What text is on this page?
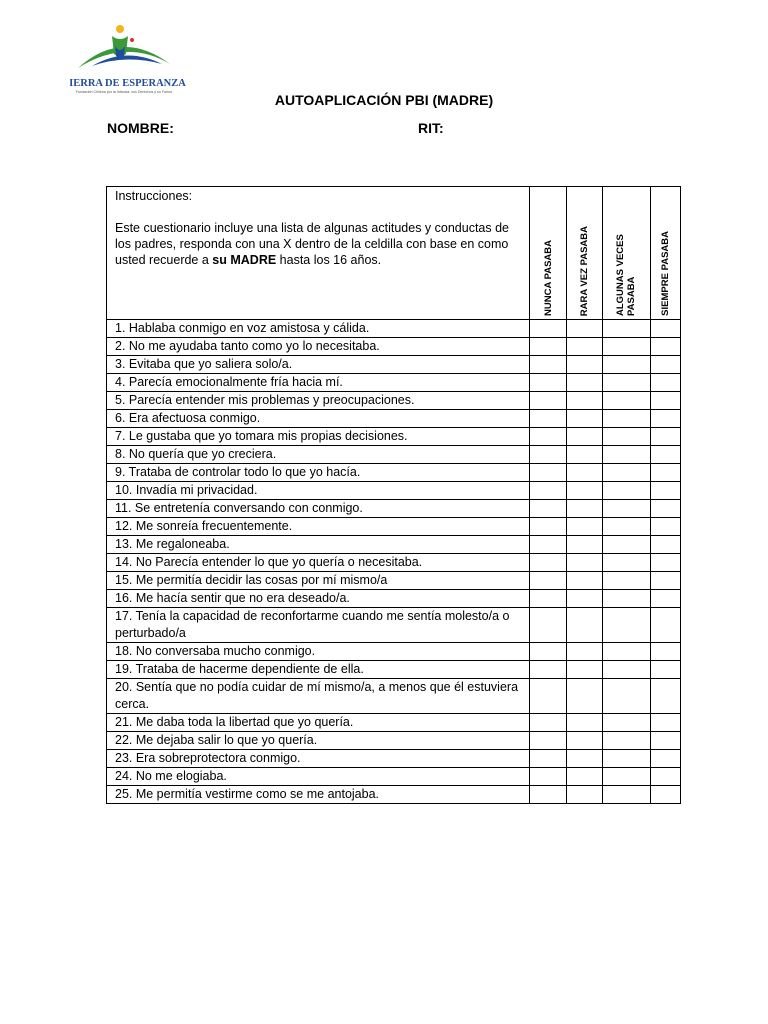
TIERRA DE ESPERANZA
Fundación Chilena por la Infancia, sus Derechos y su Futuro	AUTOAPLICACIÓN PBI (MADRE)
NOMBRE:	RIT:
Instrucciones:
Este cuestionario incluye una lista de algunas actitudes y conductas de los padres, responda con una X dentro de la celdilla con base en como usted recuerde a su MADRE hasta los 16 años.	NUNCA PASABA	RARA VEZ PASABA	ALGUNAS VECES PASABA	SIEMPRE PASABA
1. Hablaba conmigo en voz amistosa y cálida.				
2. No me ayudaba tanto como yo lo necesitaba.				
3. Evitaba que yo saliera solo/a.				
4. Parecía emocionalmente fría hacia mí.				
5. Parecía entender mis problemas y preocupaciones.				
6. Era afectuosa conmigo.				
7. Le gustaba que yo tomara mis propias decisiones.				
8. No quería que yo creciera.				
9. Trataba de controlar todo lo que yo hacía.				
10. Invadía mi privacidad.				
11. Se entretenía conversando con conmigo.				
12. Me sonreía frecuentemente.				
13. Me regaloneaba.				
14. No Parecía entender lo que yo quería o necesitaba.				
15. Me permitía decidir las cosas por mí mismo/a				
16. Me hacía sentir que no era deseado/a.				
17. Tenía la capacidad de reconfortarme cuando me sentía molesto/a o perturbado/a				
18. No conversaba mucho conmigo.				
19. Trataba de hacerme dependiente de ella.				
20. Sentía que no podía cuidar de mí mismo/a, a menos que él estuviera cerca.				
21. Me daba toda la libertad que yo quería.				
22. Me dejaba salir lo que yo quería.				
23. Era sobreprotectora conmigo.				
24. No me elogiaba.				
25. Me permitía vestirme como se me antojaba.				
